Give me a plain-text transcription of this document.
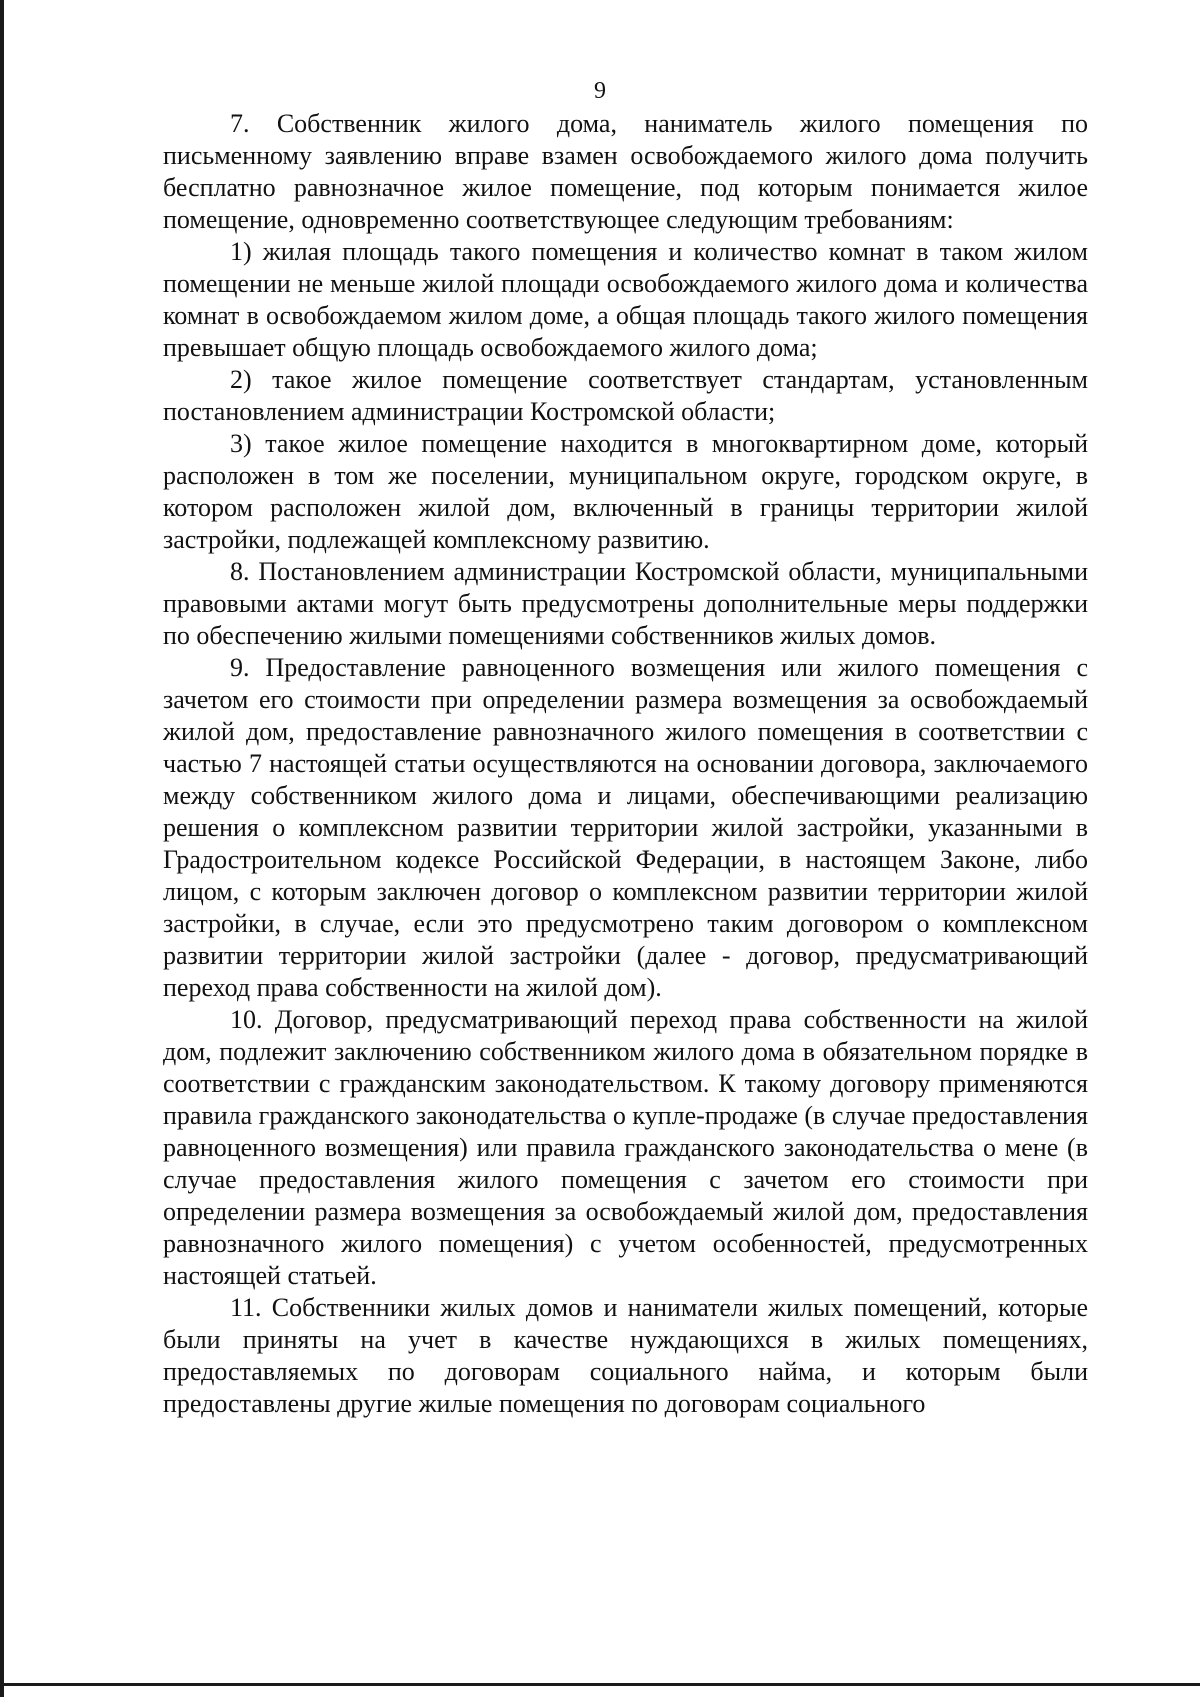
9

7. Собственник жилого дома, наниматель жилого помещения по письменному заявлению вправе взамен освобождаемого жилого дома получить бесплатно равнозначное жилое помещение, под которым понимается жилое помещение, одновременно соответствующее следующим требованиям:

1) жилая площадь такого помещения и количество комнат в таком жилом помещении не меньше жилой площади освобождаемого жилого дома и количества комнат в освобождаемом жилом доме, а общая площадь такого жилого помещения превышает общую площадь освобождаемого жилого дома;

2) такое жилое помещение соответствует стандартам, установленным постановлением администрации Костромской области;

3) такое жилое помещение находится в многоквартирном доме, который расположен в том же поселении, муниципальном округе, городском округе, в котором расположен жилой дом, включенный в границы территории жилой застройки, подлежащей комплексному развитию.

8. Постановлением администрации Костромской области, муниципальными правовыми актами могут быть предусмотрены дополнительные меры поддержки по обеспечению жилыми помещениями собственников жилых домов.

9. Предоставление равноценного возмещения или жилого помещения с зачетом его стоимости при определении размера возмещения за освобождаемый жилой дом, предоставление равнозначного жилого помещения в соответствии с частью 7 настоящей статьи осуществляются на основании договора, заключаемого между собственником жилого дома и лицами, обеспечивающими реализацию решения о комплексном развитии территории жилой застройки, указанными в Градостроительном кодексе Российской Федерации, в настоящем Законе, либо лицом, с которым заключен договор о комплексном развитии территории жилой застройки, в случае, если это предусмотрено таким договором о комплексном развитии территории жилой застройки (далее - договор, предусматривающий переход права собственности на жилой дом).

10. Договор, предусматривающий переход права собственности на жилой дом, подлежит заключению собственником жилого дома в обязательном порядке в соответствии с гражданским законодательством. К такому договору применяются правила гражданского законодательства о купле-продаже (в случае предоставления равноценного возмещения) или правила гражданского законодательства о мене (в случае предоставления жилого помещения с зачетом его стоимости при определении размера возмещения за освобождаемый жилой дом, предоставления равнозначного жилого помещения) с учетом особенностей, предусмотренных настоящей статьей.

11. Собственники жилых домов и наниматели жилых помещений, которые были приняты на учет в качестве нуждающихся в жилых помещениях, предоставляемых по договорам социального найма, и которым были предоставлены другие жилые помещения по договорам социального
